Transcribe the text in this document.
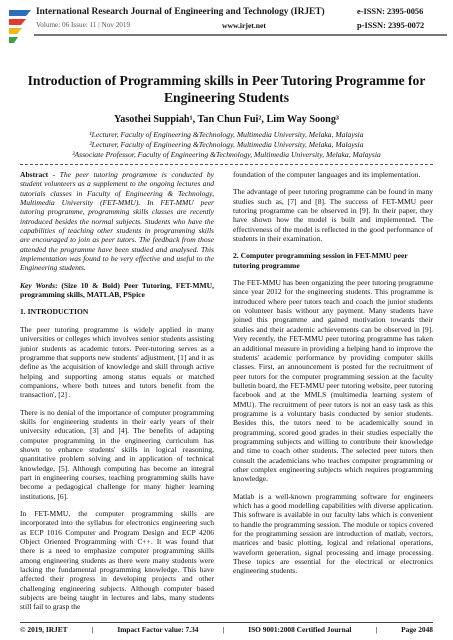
International Research Journal of Engineering and Technology (IRJET)	e-ISSN: 2395-0056
Volume: 06 Issue: 11 | Nov 2019	www.irjet.net	p-ISSN: 2395-0072
Introduction of Programming skills in Peer Tutoring Programme for
Engineering Students
Yasothei Suppiah¹, Tan Chun Fui², Lim Way Soong³
¹Lecturer, Faculty of Engineering &Technology, Multimedia University, Melaka, Malaysia
²Lecturer, Faculty of Engineering &Technology, Multimedia University, Melaka, Malaysia
³Associate Professor, Faculty of Engineering &Technology, Multimedia University, Melaka, Malaysia

Abstract - The peer tutoring programme is conducted by student volunteers as a supplement to the ongoing lectures and tutorials classes in Faculty of Engineering & Technology, Multimedia University (FET-MMU). In FET-MMU peer tutoring programme, programming skills classes are recently introduced besides the normal subjects. Students who have the capabilities of teaching other students in programming skills are encouraged to join as peer tutors. The feedback from those attended the programme have been studied and analysed. This implementation was found to be very effective and useful to the Engineering students.

Key Words: (Size 10 & Bold) Peer Tutoring, FET-MMU, programming skills, MATLAB, PSpice

1. INTRODUCTION

The peer tutoring programme is widely applied in many universities or colleges which involves senior students assisting junior students as academic tutors. Peer-tutoring serves as a programme that supports new students' adjustment, [1] and it as define as 'the acquisition of knowledge and skill through active helping and supporting among status equals or matched companions, where both tutees and tutors benefit from the transaction', [2] .

There is no denial of the importance of computer programming skills for engineering students in their early years of their university education, [3] and [4]. The benefits of adapting computer programming in the engineering curriculum has shown to enhance students' skills in logical reasoning, quantitative problem solving and in application of technical knowledge, [5]. Although computing has become an integral part in engineering courses, teaching programming skills have become a pedagogical challenge for many higher learning institutions, [6].

In FET-MMU, the computer programming skills are incorporated into the syllabus for electronics engineering such as ECP 1016 Computer and Program Design and ECP 4206 Object Oriented Programming with C++. It was found that there is a need to emphasize computer programming skills among engineering students as there were many students were lacking the fundamental programming knowledge. This have affected their progress in developing projects and other challenging engineering subjects. Although computer based subjects are being taught in lectures and labs, many students still fail to grasp the

foundation of the computer languages and its implementation.

The advantage of peer tutoring programme can be found in many studies such as, [7] and [8]. The success of FET-MMU peer tutoring programme can be observed in [9]. In their paper, they have shown how the model is built and implemented. The effectiveness of the model is reflected in the good performance of students in their examination.

2. Computer programming session in FET-MMU peer tutoring programme

The FET-MMU has been organizing the peer tutoring programme since year 2012 for the engineering students. This programme is introduced where peer tutors teach and coach the junior students on volunteer basis without any payment. Many students have joined this programme and gained motivation towards their studies and their academic achievements can be observed in [9]. Very recently, the FET-MMU peer tutoring programme has taken an additional measure in providing a helping hand to improve the students' academic performance by providing computer skills classes. First, an announcement is posted for the recruitment of peer tutors for the computer programming session at the faculty bulletin board, the FET-MMU peer tutoring website, peer tutoring facebook and at the MMLS (multimedia learning system of MMU). The recruitment of peer tutors is not an easy task as this programme is a voluntary basis conducted by senior students. Besides this, the tutors need to be academically sound in programming, scored good grades in their studies especially the programming subjects and willing to contribute their knowledge and time to coach other students. The selected peer tutors then consult the academicians who teaches computer programming or other complex engineering subjects which requires programming knowledge.

Matlab is a well-known programming software for engineers which has a good modelling capabilities with diverse application. This software is available in our faculty labs which is convenient to handle the programming session. The module or topics covered for the programming session are introduction of matlab, vectors, matrices and basic plotting, logical and relational operations, waveform generation, signal processing and image processing. These topics are essential for the electrical or electronics engineering students.

© 2019, IRJET	|	Impact Factor value: 7.34	|	ISO 9001:2008 Certified Journal	|	Page 2048
